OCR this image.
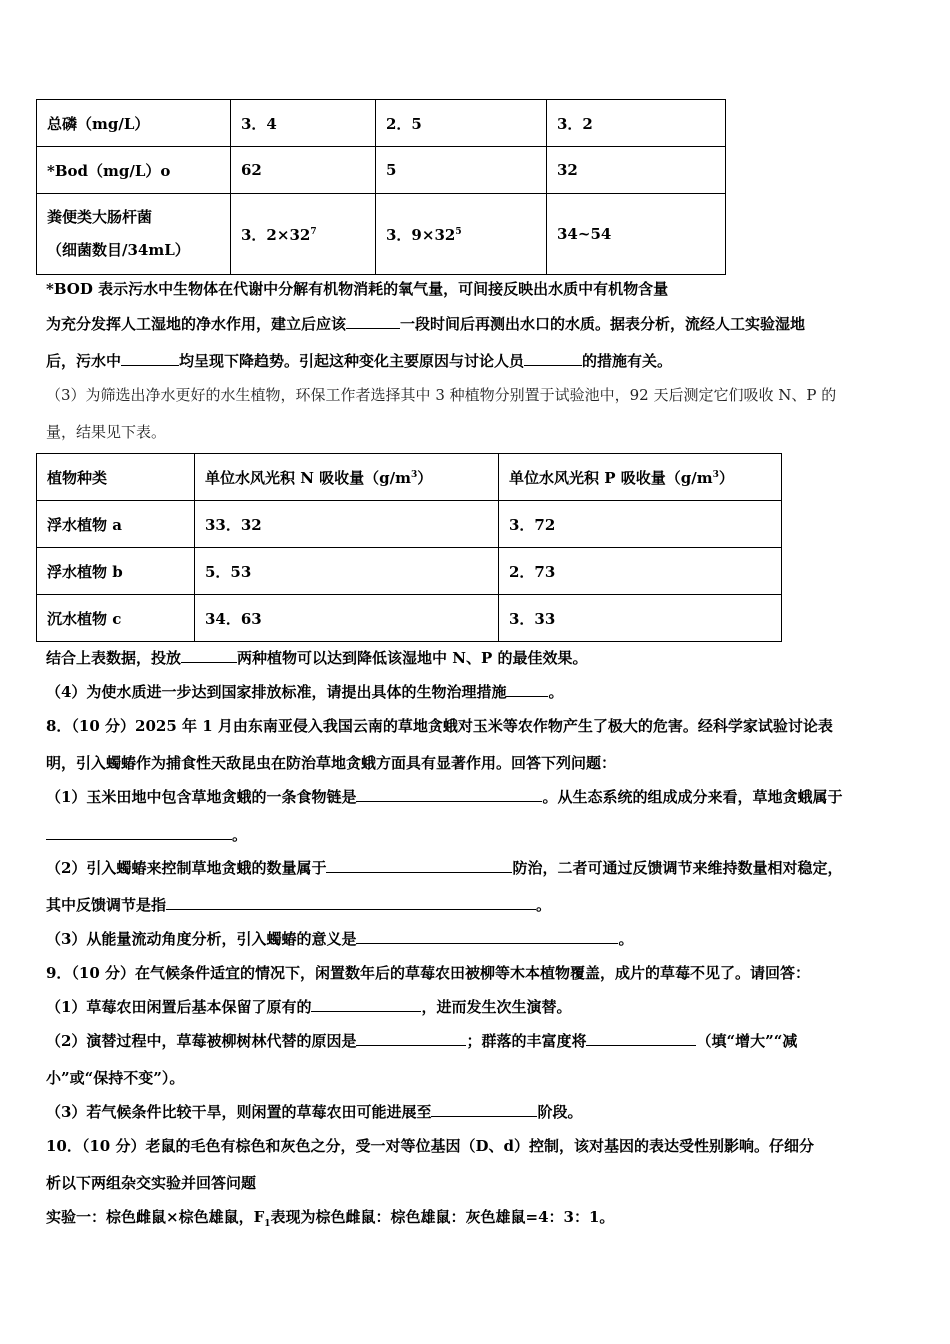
总磷（mg/L）	3．4	2．5	3．2
*Bod（mg/L）o	62	5	32

粪便类大肠杆菌
（细菌数目/34mL）	3．$2\times 32^7$	3．$9\times 32^5$	34~54
*BOD 表示污水中生物体在代谢中分解有机物消耗的氧气量，可间接反映出水质中有机物含量
为充分发挥人工湿地的净水作用，建立后应该	一段时间后再测出水口的水质。据表分析，流经人工实验湿地
后，污水中	均呈现下降趋势。引起这种变化主要原因与讨论人员	的措施有关。
（3）为筛选出净水更好的水生植物，环保工作者选择其中 3 种植物分别置于试验池中，92 天后测定它们吸收 N、P 的
量，结果见下表。
植物种类	单位水风光积 N 吸收量$(g/m^3)$	单位水风光积 P 吸收量$(g/m^3)$
浮水植物 a	33．32	3．72
浮水植物 b	5．53	2．73
沉水植物 c	34．63	3．33
结合上表数据，投放	两种植物可以达到降低该湿地中 N、P 的最佳效果。
（4）为使水质进一步达到国家排放标准，请提出具体的生物治理措施	。
8．（10 分）2025 年 1 月由东南亚侵入我国云南的草地贪蛾对玉米等农作物产生了极大的危害。经科学家试验讨论表
明，引入蠋蝽作为捕食性天敌昆虫在防治草地贪蛾方面具有显著作用。回答下列问题：
（1）玉米田地中包含草地贪蛾的一条食物链是	。从生态系统的组成成分来看，草地贪蛾属于
。
（2）引入蠋蝽来控制草地贪蛾的数量属于	防治，二者可通过反馈调节来维持数量相对稳定，
其中反馈调节是指	。
（3）从能量流动角度分析，引入蠋蝽的意义是	。
9．（10 分）在气候条件适宜的情况下，闲置数年后的草莓农田被柳等木本植物覆盖，成片的草莓不见了。请回答：
（1）草莓农田闲置后基本保留了原有的	，进而发生次生演替。
（2）演替过程中，草莓被柳树林代替的原因是	；群落的丰富度将	（填“增大”“减
小”或“保持不变”）。
（3）若气候条件比较干旱，则闲置的草莓农田可能进展至	阶段。
10．（10 分）老鼠的毛色有棕色和灰色之分，受一对等位基因（D、d）控制，该对基因的表达受性别影响。仔细分
析以下两组杂交实验并回答问题
实验一：棕色雌鼠×棕色雄鼠，$F_1$表现为棕色雌鼠：棕色雄鼠：灰色雄鼠=4：3：1。
